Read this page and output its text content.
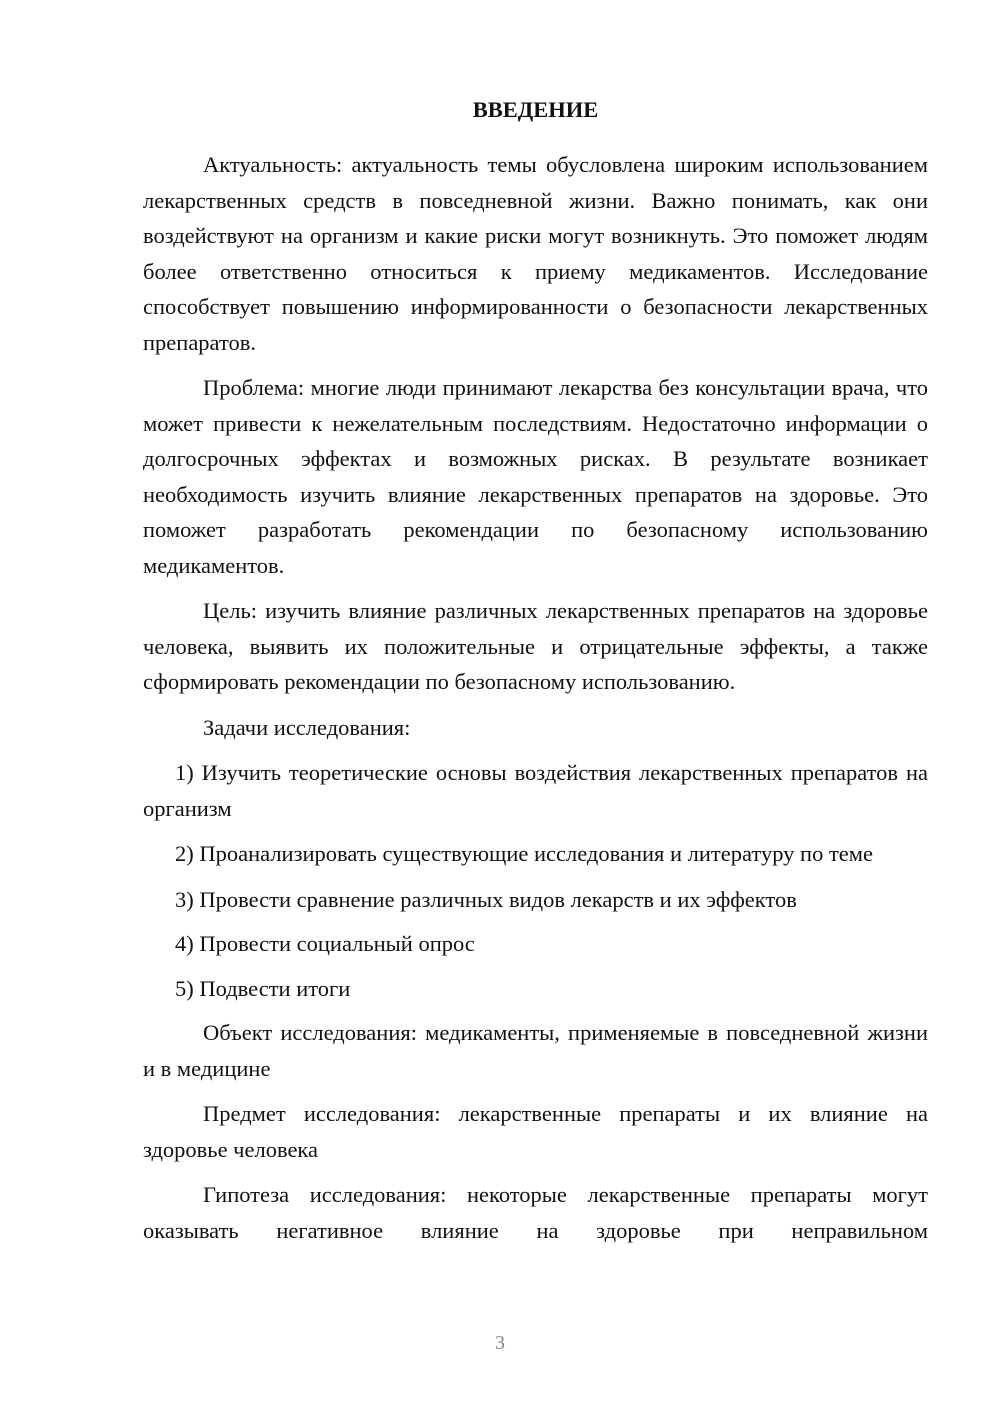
ВВЕДЕНИЕ

Актуальность: актуальность темы обусловлена широким использованием лекарственных средств в повседневной жизни. Важно понимать, как они воздействуют на организм и какие риски могут возникнуть. Это поможет людям более ответственно относиться к приему медикаментов. Исследование способствует повышению информированности о безопасности лекарственных препаратов.

Проблема: многие люди принимают лекарства без консультации врача, что может привести к нежелательным последствиям. Недостаточно информации о долгосрочных эффектах и возможных рисках. В результате возникает необходимость изучить влияние лекарственных препаратов на здоровье. Это поможет разработать рекомендации по безопасному использованию медикаментов.

Цель: изучить влияние различных лекарственных препаратов на здоровье человека, выявить их положительные и отрицательные эффекты, а также сформировать рекомендации по безопасному использованию.

Задачи исследования:

1) Изучить теоретические основы воздействия лекарственных препаратов на организм

2) Проанализировать существующие исследования и литературу по теме

3) Провести сравнение различных видов лекарств и их эффектов

4) Провести социальный опрос

5) Подвести итоги

Объект исследования: медикаменты, применяемые в повседневной жизни и в медицине

Предмет исследования: лекарственные препараты и их влияние на здоровье человека

Гипотеза исследования: некоторые лекарственные препараты могут оказывать негативное влияние на здоровье при неправильном

3
